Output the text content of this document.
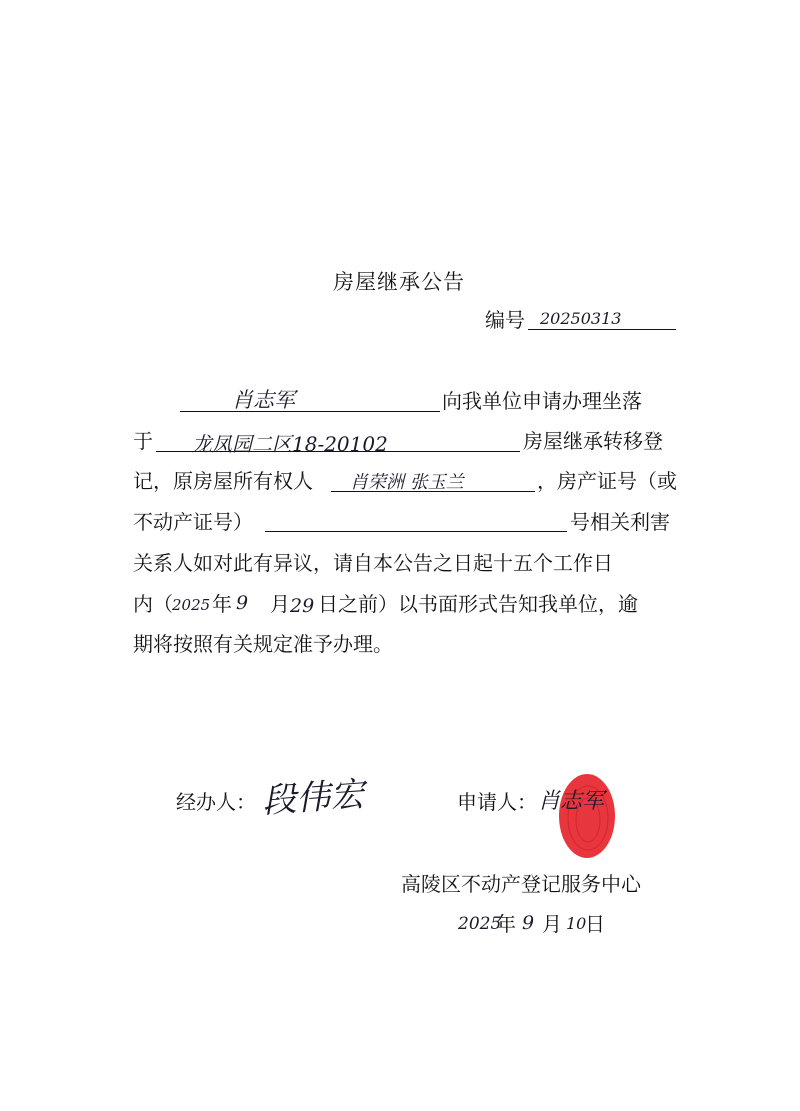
房屋继承公告
编号 20250313
肖志军	向我单位申请办理坐落
于 龙凤园二区18-20102	房屋继承转移登
记，原房屋所有权人 肖荣洲 张玉兰	，房产证号（或
不动产证号）	号相关利害
关系人如对此有异议，请自本公告之日起十五个工作日
内（ 2025 年 9 月 29 日之前）以书面形式告知我单位，逾
期将按照有关规定准予办理。
经办人： 段伟宏	申请人： 肖志军
高陵区不动产登记服务中心
2025
年 9 月 10
日
